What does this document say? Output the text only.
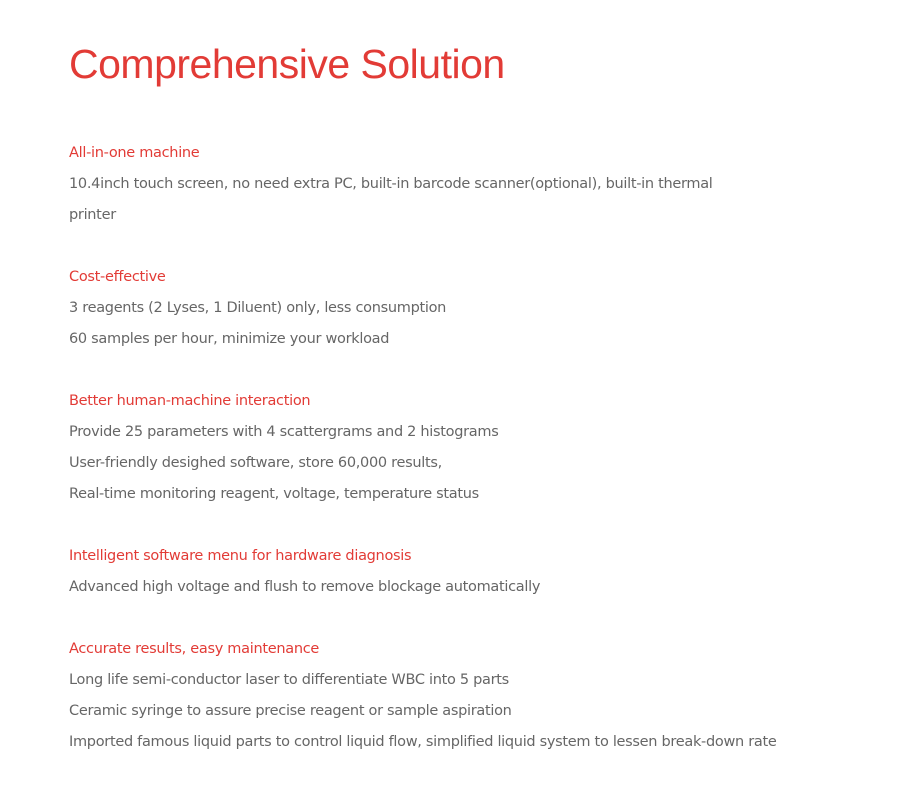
Comprehensive Solution

All-in-one machine

10.4inch touch screen, no need extra PC, built-in barcode scanner(optional), built-in thermal

printer

Cost-effective

3 reagents (2 Lyses, 1 Diluent) only, less consumption

60 samples per hour, minimize your workload

Better human-machine interaction

Provide 25 parameters with 4 scattergrams and 2 histograms

User-friendly desighed software, store 60,000 results,

Real-time monitoring reagent, voltage, temperature status

Intelligent software menu for hardware diagnosis

Advanced high voltage and flush to remove blockage automatically

Accurate results, easy maintenance

Long life semi-conductor laser to differentiate WBC into 5 parts

Ceramic syringe to assure precise reagent or sample aspiration

Imported famous liquid parts to control liquid flow, simplified liquid system to lessen break-down rate
